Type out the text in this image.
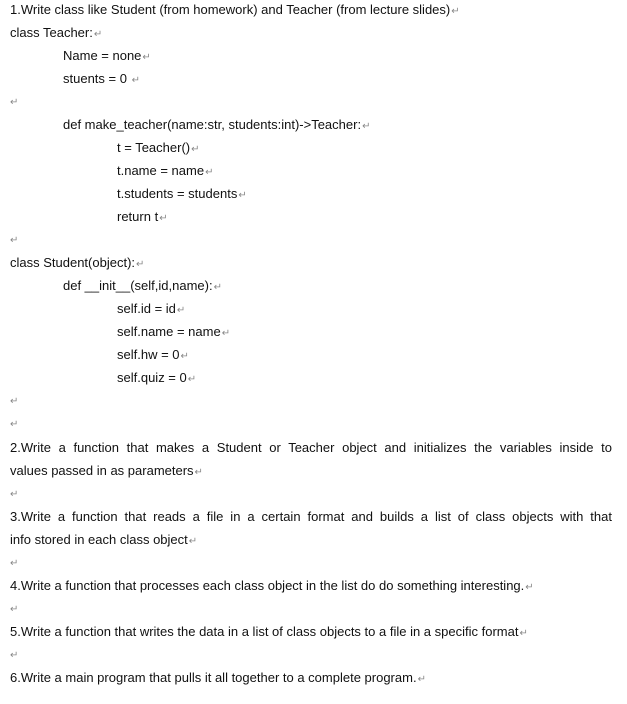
1.Write class like Student (from homework) and Teacher (from lecture slides)↵
class Teacher:↵
Name = none↵
stuents = 0 ↵
↵
def make_teacher(name:str, students:int)->Teacher:↵
t = Teacher()↵
t.name = name↵
t.students = students↵
return t↵
↵
class Student(object):↵
def __init__(self,id,name):↵
self.id = id↵
self.name = name↵
self.hw = 0↵
self.quiz = 0↵
↵
↵
2.Write a function that makes a Student or Teacher object and initializes the variables inside to
values passed in as parameters↵
↵
3.Write a function that reads a file in a certain format and builds a list of class objects with that
info stored in each class object↵
↵
4.Write a function that processes each class object in the list do do something interesting.↵
↵
5.Write a function that writes the data in a list of class objects to a file in a specific format↵
↵
6.Write a main program that pulls it all together to a complete program.↵
